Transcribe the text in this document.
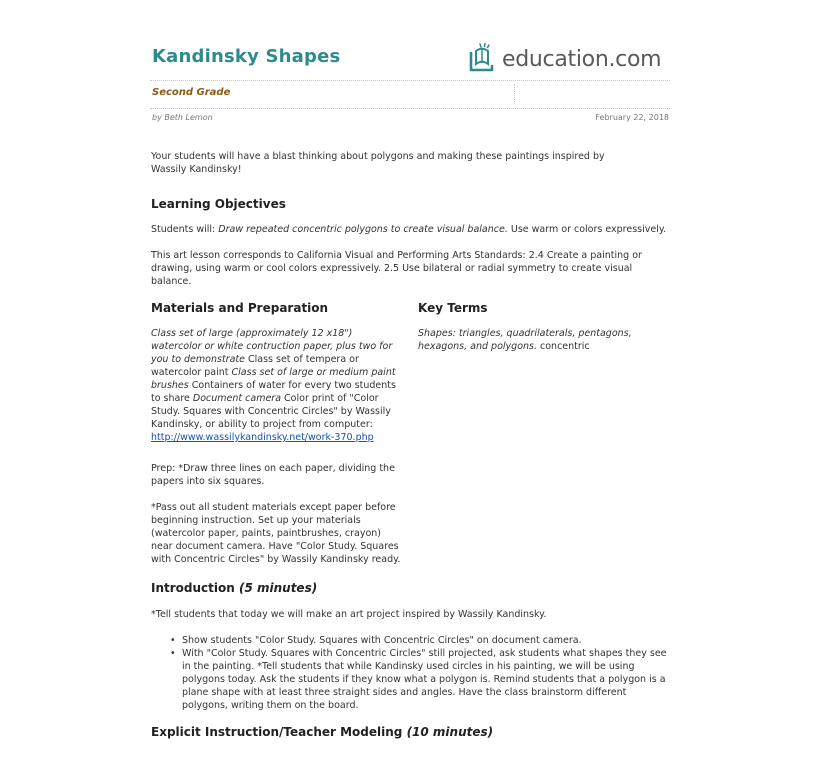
Kandinsky Shapes	education.com
Second Grade
by Beth Lemon	February 22, 2018
Your students will have a blast thinking about polygons and making these paintings inspired by Wassily Kandinsky!
Learning Objectives
Students will: Draw repeated concentric polygons to create visual balance. Use warm or colors expressively.
This art lesson corresponds to California Visual and Performing Arts Standards: 2.4 Create a painting or drawing, using warm or cool colors expressively. 2.5 Use bilateral or radial symmetry to create visual balance.
Materials and Preparation
Class set of large (approximately 12 x18") watercolor or white contruction paper, plus two for you to demonstrate Class set of tempera or watercolor paint Class set of large or medium paint brushes Containers of water for every two students to share Document camera Color print of "Color Study. Squares with Concentric Circles" by Wassily Kandinsky, or ability to project from computer: http://www.wassilykandinsky.net/work-370.php
Prep: *Draw three lines on each paper, dividing the papers into six squares.
*Pass out all student materials except paper before beginning instruction. Set up your materials (watercolor paper, paints, paintbrushes, crayon) near document camera. Have "Color Study. Squares with Concentric Circles" by Wassily Kandinsky ready.
Key Terms
Shapes: triangles, quadrilaterals, pentagons, hexagons, and polygons. concentric
Introduction (5 minutes)
*Tell students that today we will make an art project inspired by Wassily Kandinsky.
• Show students "Color Study. Squares with Concentric Circles" on document camera.
• With "Color Study. Squares with Concentric Circles" still projected, ask students what shapes they see in the painting. *Tell students that while Kandinsky used circles in his painting, we will be using polygons today. Ask the students if they know what a polygon is. Remind students that a polygon is a plane shape with at least three straight sides and angles. Have the class brainstorm different polygons, writing them on the board.
Explicit Instruction/Teacher Modeling (10 minutes)
